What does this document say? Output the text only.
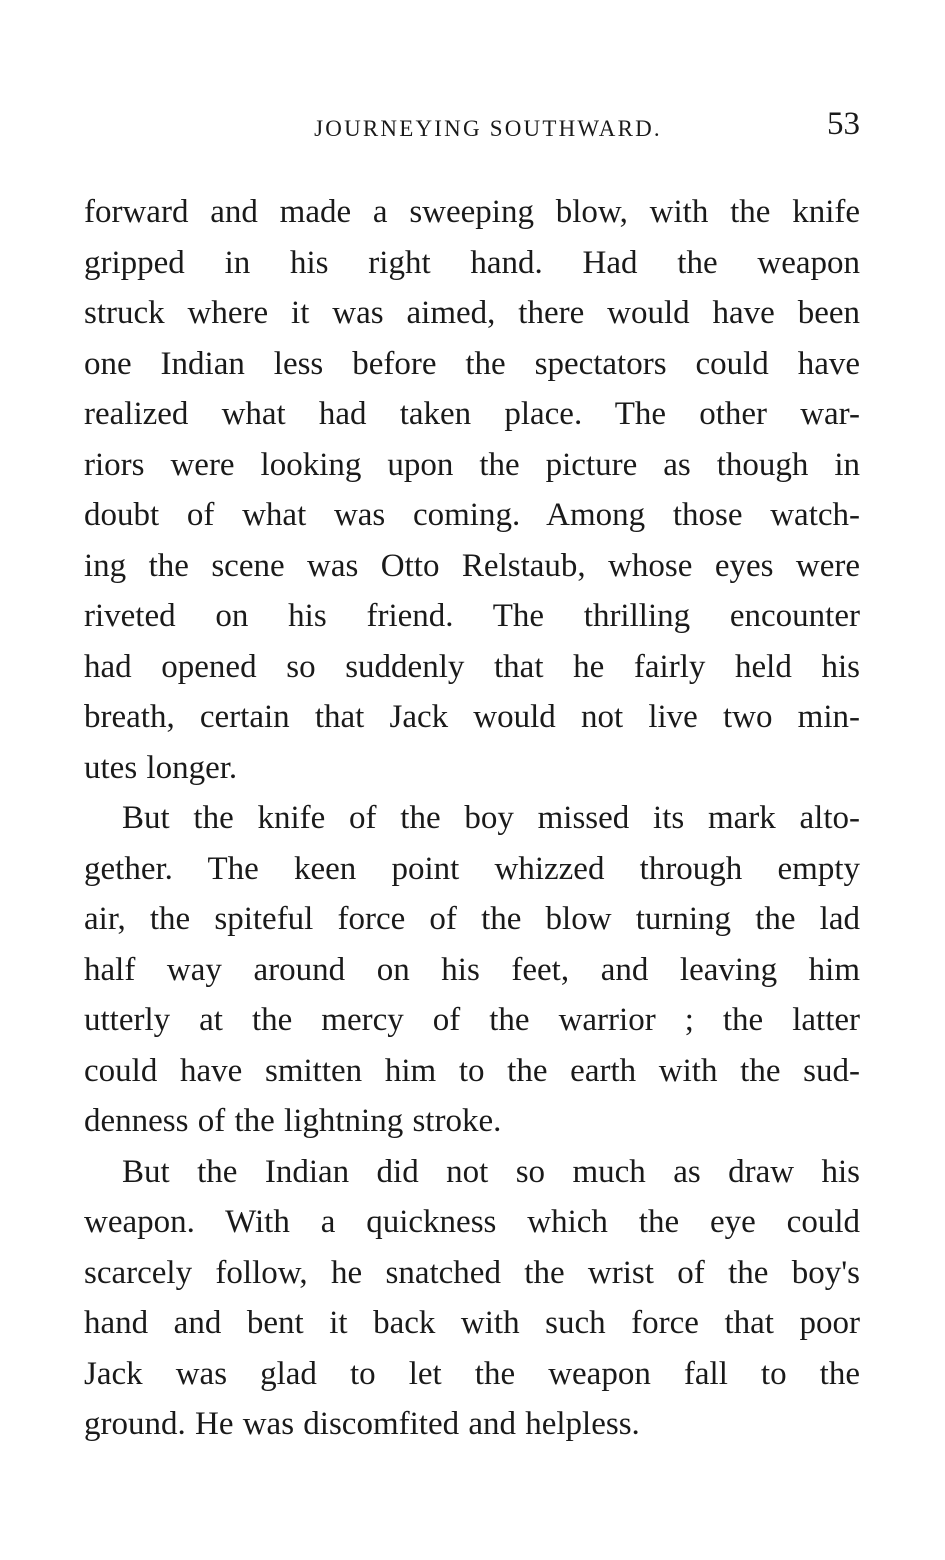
JOURNEYING SOUTHWARD.	53
forward and made a sweeping blow, with the knife
gripped in his right hand. Had the weapon
struck where it was aimed, there would have been
one Indian less before the spectators could have
realized what had taken place. The other war-
riors were looking upon the picture as though in
doubt of what was coming. Among those watch-
ing the scene was Otto Relstaub, whose eyes were
riveted on his friend. The thrilling encounter
had opened so suddenly that he fairly held his
breath, certain that Jack would not live two min-
utes longer.
But the knife of the boy missed its mark alto-
gether. The keen point whizzed through empty
air, the spiteful force of the blow turning the lad
half way around on his feet, and leaving him
utterly at the mercy of the warrior ; the latter
could have smitten him to the earth with the sud-
denness of the lightning stroke.
But the Indian did not so much as draw his
weapon. With a quickness which the eye could
scarcely follow, he snatched the wrist of the boy's
hand and bent it back with such force that poor
Jack was glad to let the weapon fall to the
ground. He was discomfited and helpless.
